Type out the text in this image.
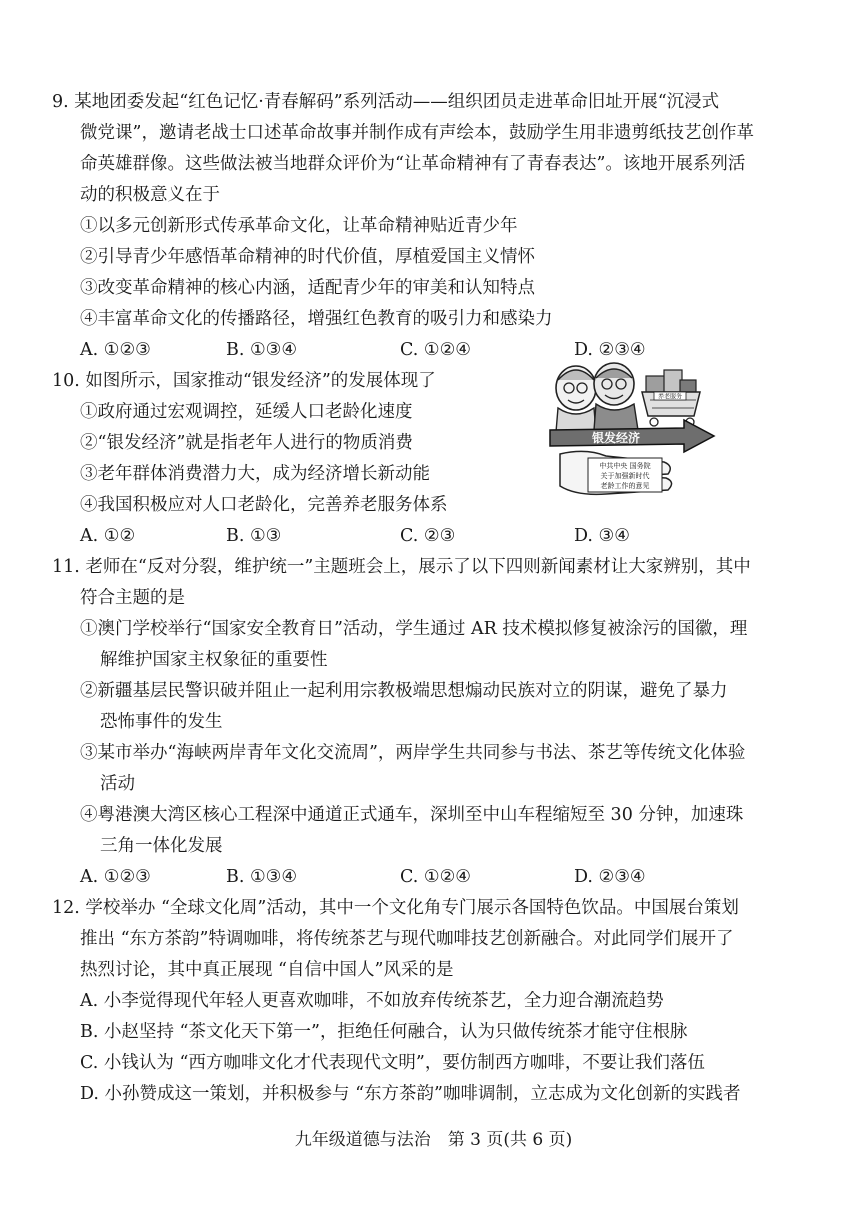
9. 某地团委发起“红色记忆·青春解码”系列活动——组织团员走进革命旧址开展“沉浸式
微党课”，邀请老战士口述革命故事并制作成有声绘本，鼓励学生用非遗剪纸技艺创作革
命英雄群像。这些做法被当地群众评价为“让革命精神有了青春表达”。该地开展系列活
动的积极意义在于
①以多元创新形式传承革命文化，让革命精神贴近青少年
②引导青少年感悟革命精神的时代价值，厚植爱国主义情怀
③改变革命精神的核心内涵，适配青少年的审美和认知特点
④丰富革命文化的传播路径，增强红色教育的吸引力和感染力
A. ①②③	B. ①③④	C. ①②④	D. ②③④
10. 如图所示，国家推动“银发经济”的发展体现了
①政府通过宏观调控，延缓人口老龄化速度
②“银发经济”就是指老年人进行的物质消费
③老年群体消费潜力大，成为经济增长新动能
④我国积极应对人口老龄化，完善养老服务体系
A. ①②	B. ①③	C. ②③	D. ③④
养老服务
银发经济
中共中央 国务院
关于加强新时代
老龄工作的意见
11. 老师在“反对分裂，维护统一”主题班会上，展示了以下四则新闻素材让大家辨别，其中
符合主题的是
①澳门学校举行“国家安全教育日”活动，学生通过 AR 技术模拟修复被涂污的国徽，理
解维护国家主权象征的重要性
②新疆基层民警识破并阻止一起利用宗教极端思想煽动民族对立的阴谋，避免了暴力
恐怖事件的发生
③某市举办“海峡两岸青年文化交流周”，两岸学生共同参与书法、茶艺等传统文化体验
活动
④粤港澳大湾区核心工程深中通道正式通车，深圳至中山车程缩短至 30 分钟，加速珠
三角一体化发展
A. ①②③	B. ①③④	C. ①②④	D. ②③④
12. 学校举办 “全球文化周”活动，其中一个文化角专门展示各国特色饮品。中国展台策划
推出 “东方茶韵”特调咖啡，将传统茶艺与现代咖啡技艺创新融合。对此同学们展开了
热烈讨论，其中真正展现 “自信中国人”风采的是
A. 小李觉得现代年轻人更喜欢咖啡，不如放弃传统茶艺，全力迎合潮流趋势
B. 小赵坚持 “茶文化天下第一”，拒绝任何融合，认为只做传统茶才能守住根脉
C. 小钱认为 “西方咖啡文化才代表现代文明”，要仿制西方咖啡，不要让我们落伍
D. 小孙赞成这一策划，并积极参与 “东方茶韵”咖啡调制，立志成为文化创新的实践者
九年级道德与法治　第 3 页(共 6 页)
